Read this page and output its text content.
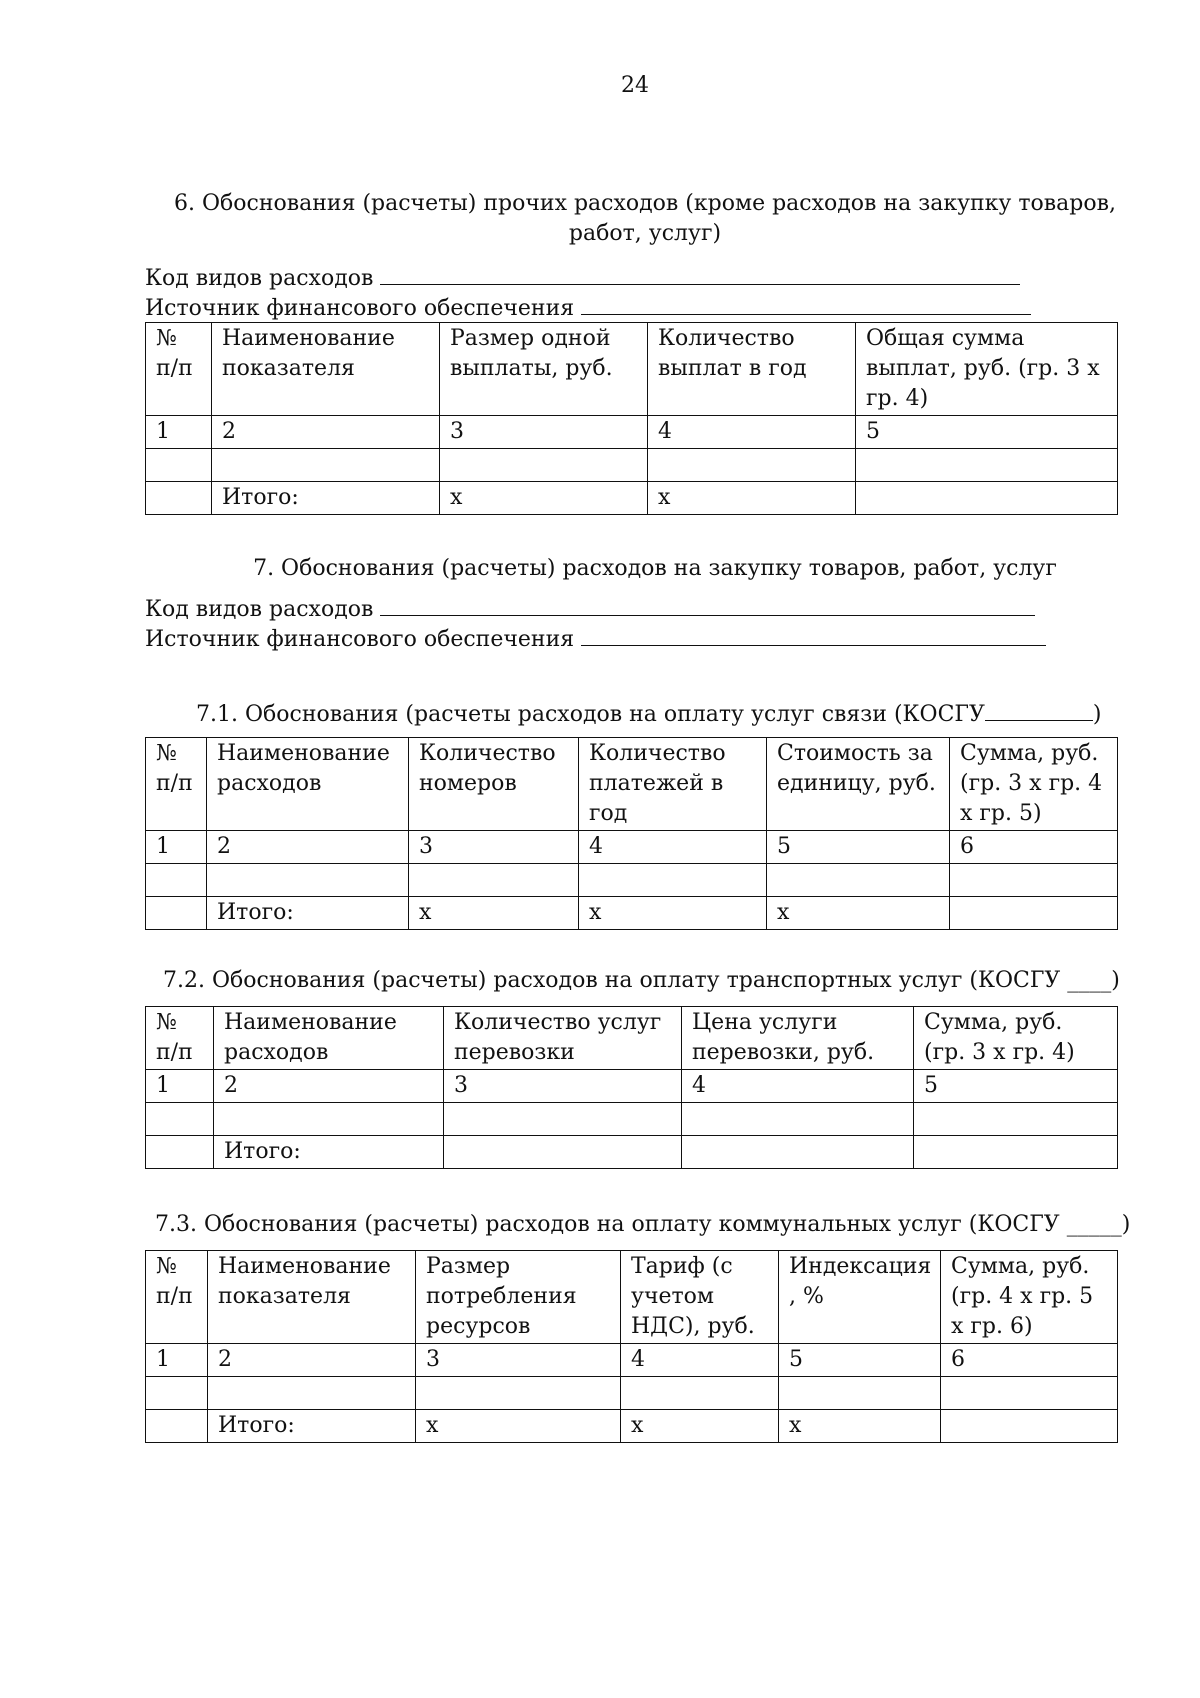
24
6. Обоснования (расчеты) прочих расходов (кроме расходов на закупку товаров,
работ, услуг)
Код видов расходов
Источник финансового обеспечения
№ п/п	Наименование показателя	Размер одной выплаты, руб.	Количество выплат в год	Общая сумма выплат, руб. (гр. 3 х гр. 4)
1	2	3	4	5

	Итого:	х	х	
7. Обоснования (расчеты) расходов на закупку товаров, работ, услуг
Код видов расходов
Источник финансового обеспечения
7.1. Обоснования (расчеты расходов на оплату услуг связи (КОСГУ	)
№ п/п	Наименование расходов	Количество номеров	Количество платежей в год	Стоимость за единицу, руб.	Сумма, руб. (гр. 3 х гр. 4 х гр. 5)
1	2	3	4	5	6

	Итого:	х	х	х	
7.2. Обоснования (расчеты) расходов на оплату транспортных услуг (КОСГУ ____)
№ п/п	Наименование расходов	Количество услуг перевозки	Цена услуги перевозки, руб.	Сумма, руб. (гр. 3 х гр. 4)
1	2	3	4	5

	Итого:			
7.3. Обоснования (расчеты) расходов на оплату коммунальных услуг (КОСГУ _____)
№ п/п	Наименование показателя	Размер потребления ресурсов	Тариф (с учетом НДС), руб.	Индексация , %	Сумма, руб. (гр. 4 х гр. 5 х гр. 6)
1	2	3	4	5	6

	Итого:	х	х	х	
